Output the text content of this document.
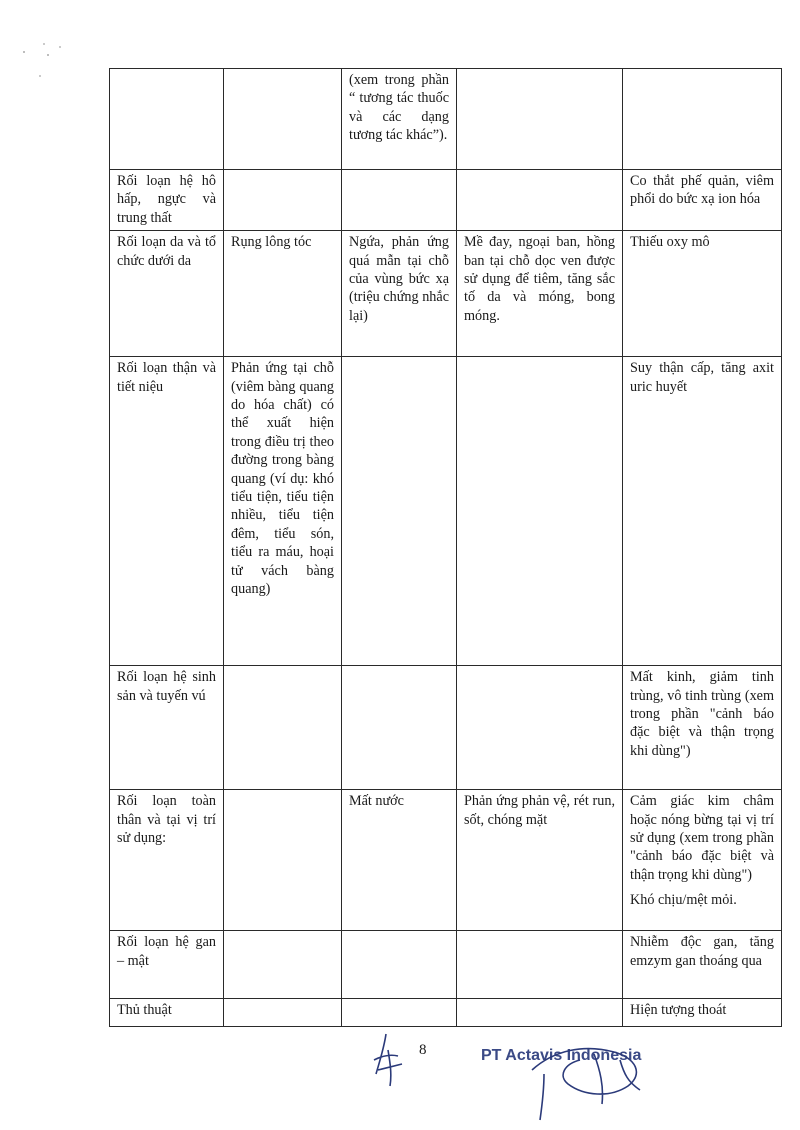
		(xem trong phần “ tương tác thuốc và các dạng tương tác khác”).		

Rối loạn hệ hô hấp, ngực và trung thất				Co thắt phế quản, viêm phổi do bức xạ ion hóa

Rối loạn da và tổ chức dưới da	Rụng lông tóc	Ngứa, phản ứng quá mẫn tại chỗ của vùng bức xạ (triệu chứng nhắc lại)	Mề đay, ngoại ban, hồng ban tại chỗ dọc ven được sử dụng để tiêm, tăng sắc tố da và móng, bong móng.	Thiếu oxy mô

Rối loạn thận và tiết niệu	Phản ứng tại chỗ (viêm bàng quang do hóa chất) có thể xuất hiện trong điều trị theo đường trong bàng quang (ví dụ: khó tiểu tiện, tiểu tiện nhiều, tiểu tiện đêm, tiểu són, tiểu ra máu, hoại tử vách bàng quang)			Suy thận cấp, tăng axit uric huyết

Rối loạn hệ sinh sản và tuyến vú				Mất kinh, giảm tinh trùng, vô tinh trùng (xem trong phần "cảnh báo đặc biệt và thận trọng khi dùng")

Rối loạn toàn thân và tại vị trí sử dụng:		Mất nước	Phản ứng phản vệ, rét run, sốt, chóng mặt	Cảm giác kim châm hoặc nóng bừng tại vị trí sử dụng (xem trong phần "cảnh báo đặc biệt và thận trọng khi dùng")
Khó chịu/mệt mỏi.

Rối loạn hệ gan – mật				Nhiễm độc gan, tăng emzym gan thoáng qua

Thủ thuật				Hiện tượng thoát
8	PT Actavis Indonesia
